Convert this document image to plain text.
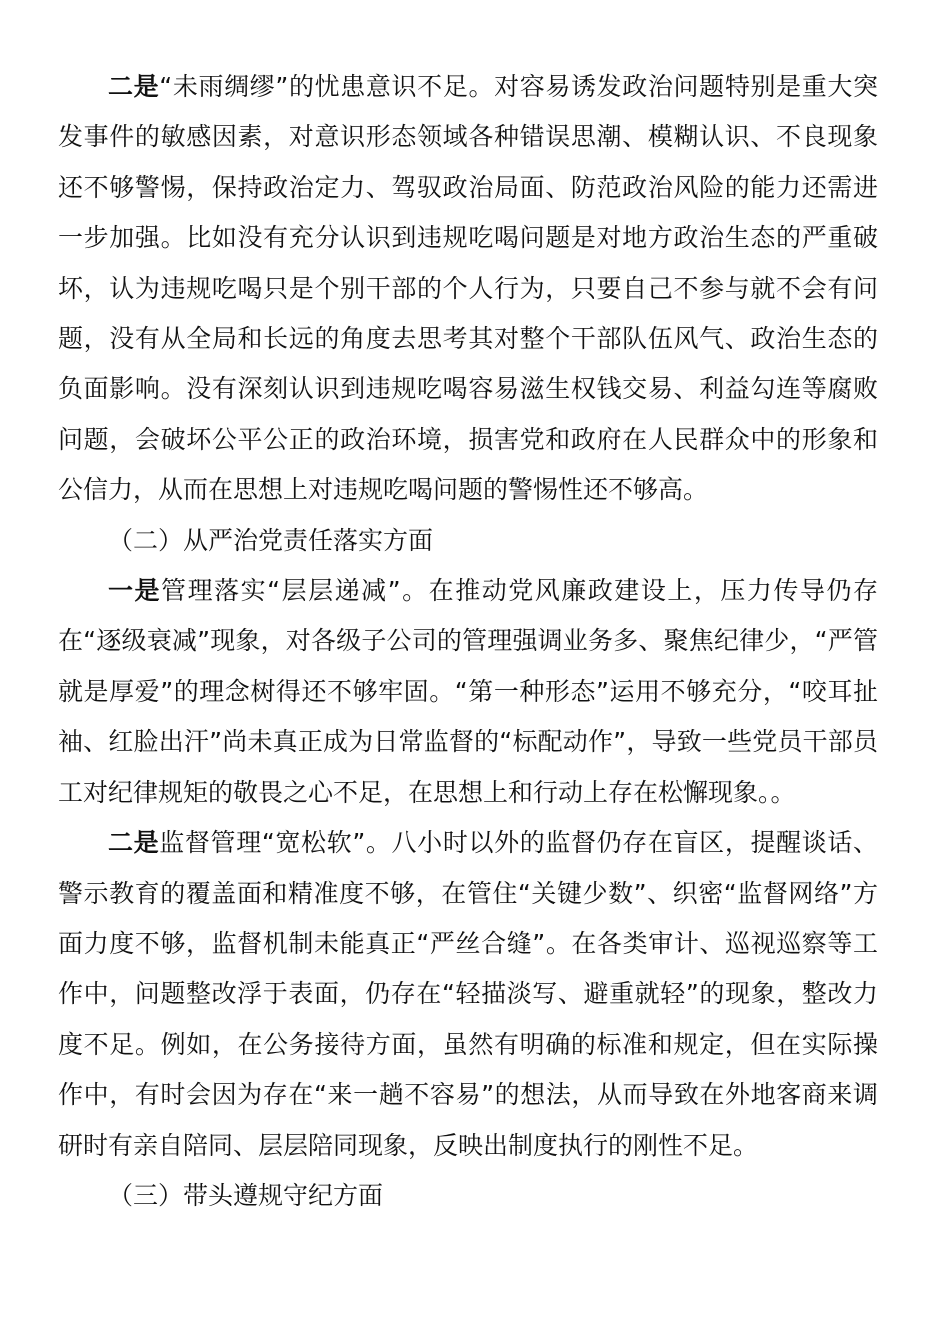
二是“未雨绸缪”的忧患意识不足。对容易诱发政治问题特别是重大突发事件的敏感因素，对意识形态领域各种错误思潮、模糊认识、不良现象还不够警惕，保持政治定力、驾驭政治局面、防范政治风险的能力还需进一步加强。比如没有充分认识到违规吃喝问题是对地方政治生态的严重破坏，认为违规吃喝只是个别干部的个人行为，只要自己不参与就不会有问题，没有从全局和长远的角度去思考其对整个干部队伍风气、政治生态的负面影响。没有深刻认识到违规吃喝容易滋生权钱交易、利益勾连等腐败问题，会破坏公平公正的政治环境，损害党和政府在人民群众中的形象和公信力，从而在思想上对违规吃喝问题的警惕性还不够高。

（二）从严治党责任落实方面

一是管理落实“层层递减”。在推动党风廉政建设上，压力传导仍存在“逐级衰减”现象，对各级子公司的管理强调业务多、聚焦纪律少，“严管就是厚爱”的理念树得还不够牢固。“第一种形态”运用不够充分，“咬耳扯袖、红脸出汗”尚未真正成为日常监督的“标配动作”，导致一些党员干部员工对纪律规矩的敬畏之心不足，在思想上和行动上存在松懈现象。。

二是监督管理“宽松软”。八小时以外的监督仍存在盲区，提醒谈话、警示教育的覆盖面和精准度不够，在管住“关键少数”、织密“监督网络”方面力度不够，监督机制未能真正“严丝合缝”。在各类审计、巡视巡察等工作中，问题整改浮于表面，仍存在“轻描淡写、避重就轻”的现象，整改力度不足。例如，在公务接待方面，虽然有明确的标准和规定，但在实际操作中，有时会因为存在“来一趟不容易”的想法，从而导致在外地客商来调研时有亲自陪同、层层陪同现象，反映出制度执行的刚性不足。

（三）带头遵规守纪方面
